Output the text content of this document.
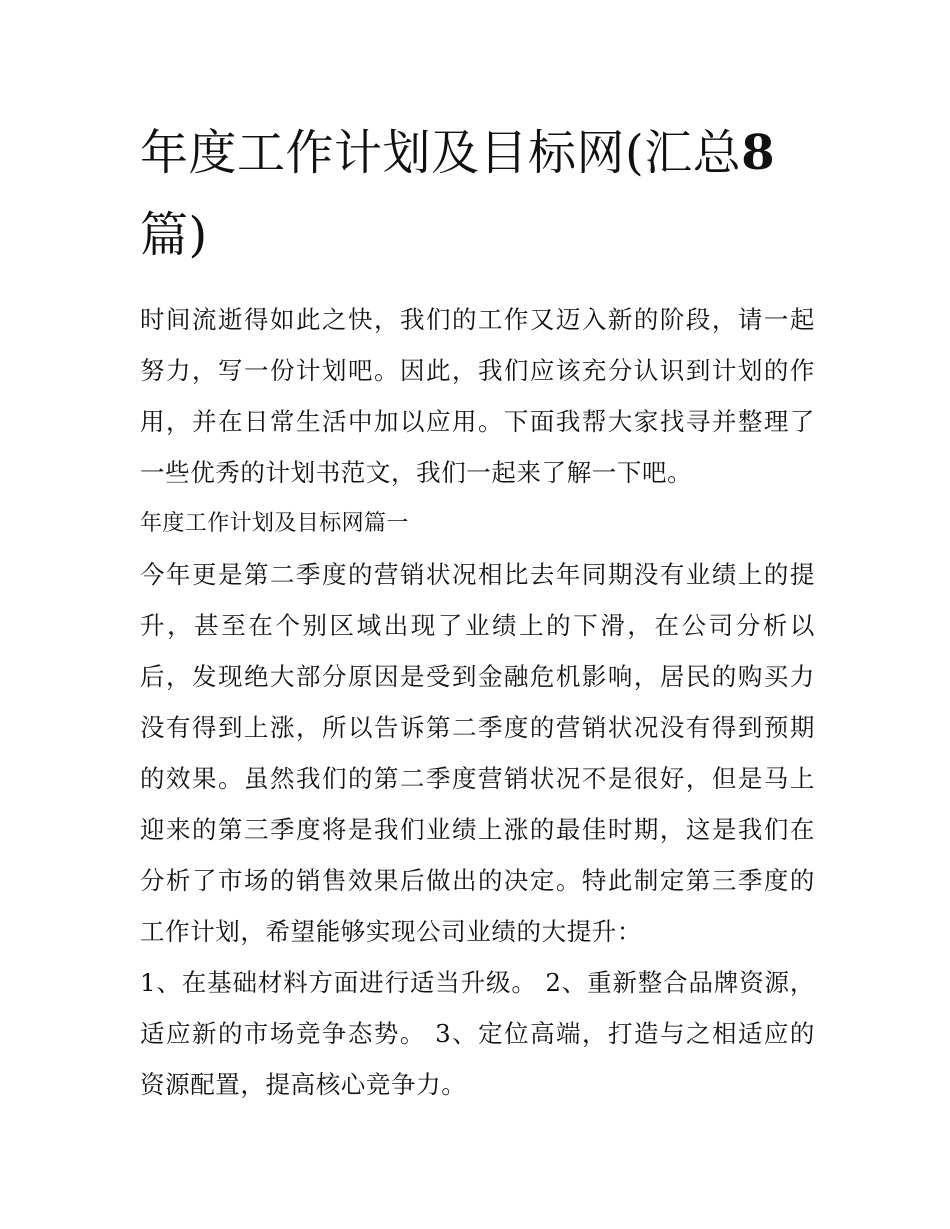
年度工作计划及目标网(汇总8
篇)

时间流逝得如此之快，我们的工作又迈入新的阶段，请一起努力，写一份计划吧。因此，我们应该充分认识到计划的作用，并在日常生活中加以应用。下面我帮大家找寻并整理了一些优秀的计划书范文，我们一起来了解一下吧。

年度工作计划及目标网篇一

今年更是第二季度的营销状况相比去年同期没有业绩上的提升，甚至在个别区域出现了业绩上的下滑，在公司分析以后，发现绝大部分原因是受到金融危机影响，居民的购买力没有得到上涨，所以告诉第二季度的营销状况没有得到预期的效果。虽然我们的第二季度营销状况不是很好，但是马上迎来的第三季度将是我们业绩上涨的最佳时期，这是我们在分析了市场的销售效果后做出的决定。特此制定第三季度的工作计划，希望能够实现公司业绩的大提升：

1、在基础材料方面进行适当升级。 2、重新整合品牌资源，适应新的市场竞争态势。 3、定位高端，打造与之相适应的资源配置，提高核心竞争力。
